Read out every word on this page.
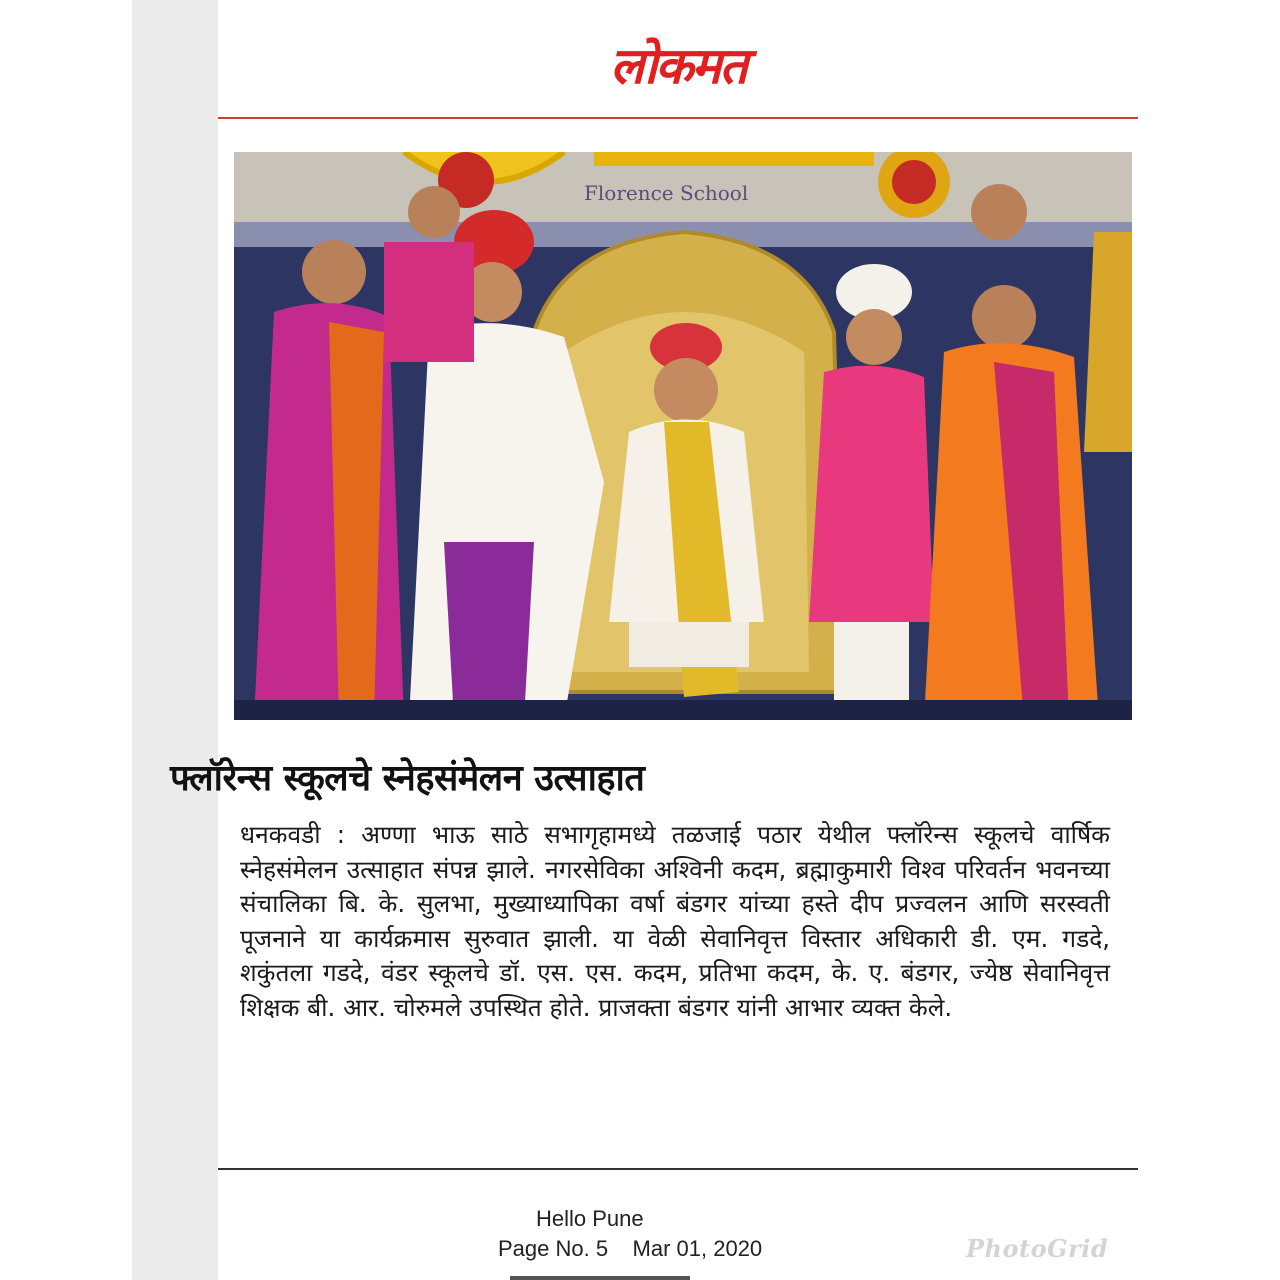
लोकमत
Florence School
फ्लॉरेन्स स्कूलचे स्नेहसंमेलन उत्साहात
धनकवडी : अण्णा भाऊ साठे सभागृहामध्ये तळजाई पठार येथील फ्लॉरेन्स स्कूलचे वार्षिक स्नेहसंमेलन उत्साहात संपन्न झाले. नगरसेविका अश्विनी कदम, ब्रह्माकुमारी विश्व परिवर्तन भवनच्या संचालिका बि. के. सुलभा, मुख्याध्यापिका वर्षा बंडगर यांच्या हस्ते दीप प्रज्वलन आणि सरस्वती पूजनाने या कार्यक्रमास सुरुवात झाली. या वेळी सेवानिवृत्त विस्तार अधिकारी डी. एम. गडदे, शकुंतला गडदे, वंडर स्कूलचे डॉ. एस. एस. कदम, प्रतिभा कदम, के. ए. बंडगर, ज्येष्ठ सेवानिवृत्त शिक्षक बी. आर. चोरुमले उपस्थित होते. प्राजक्ता बंडगर यांनी आभार व्यक्त केले.
Hello Pune
Page No. 5    Mar 01, 2020	PhotoGrid
